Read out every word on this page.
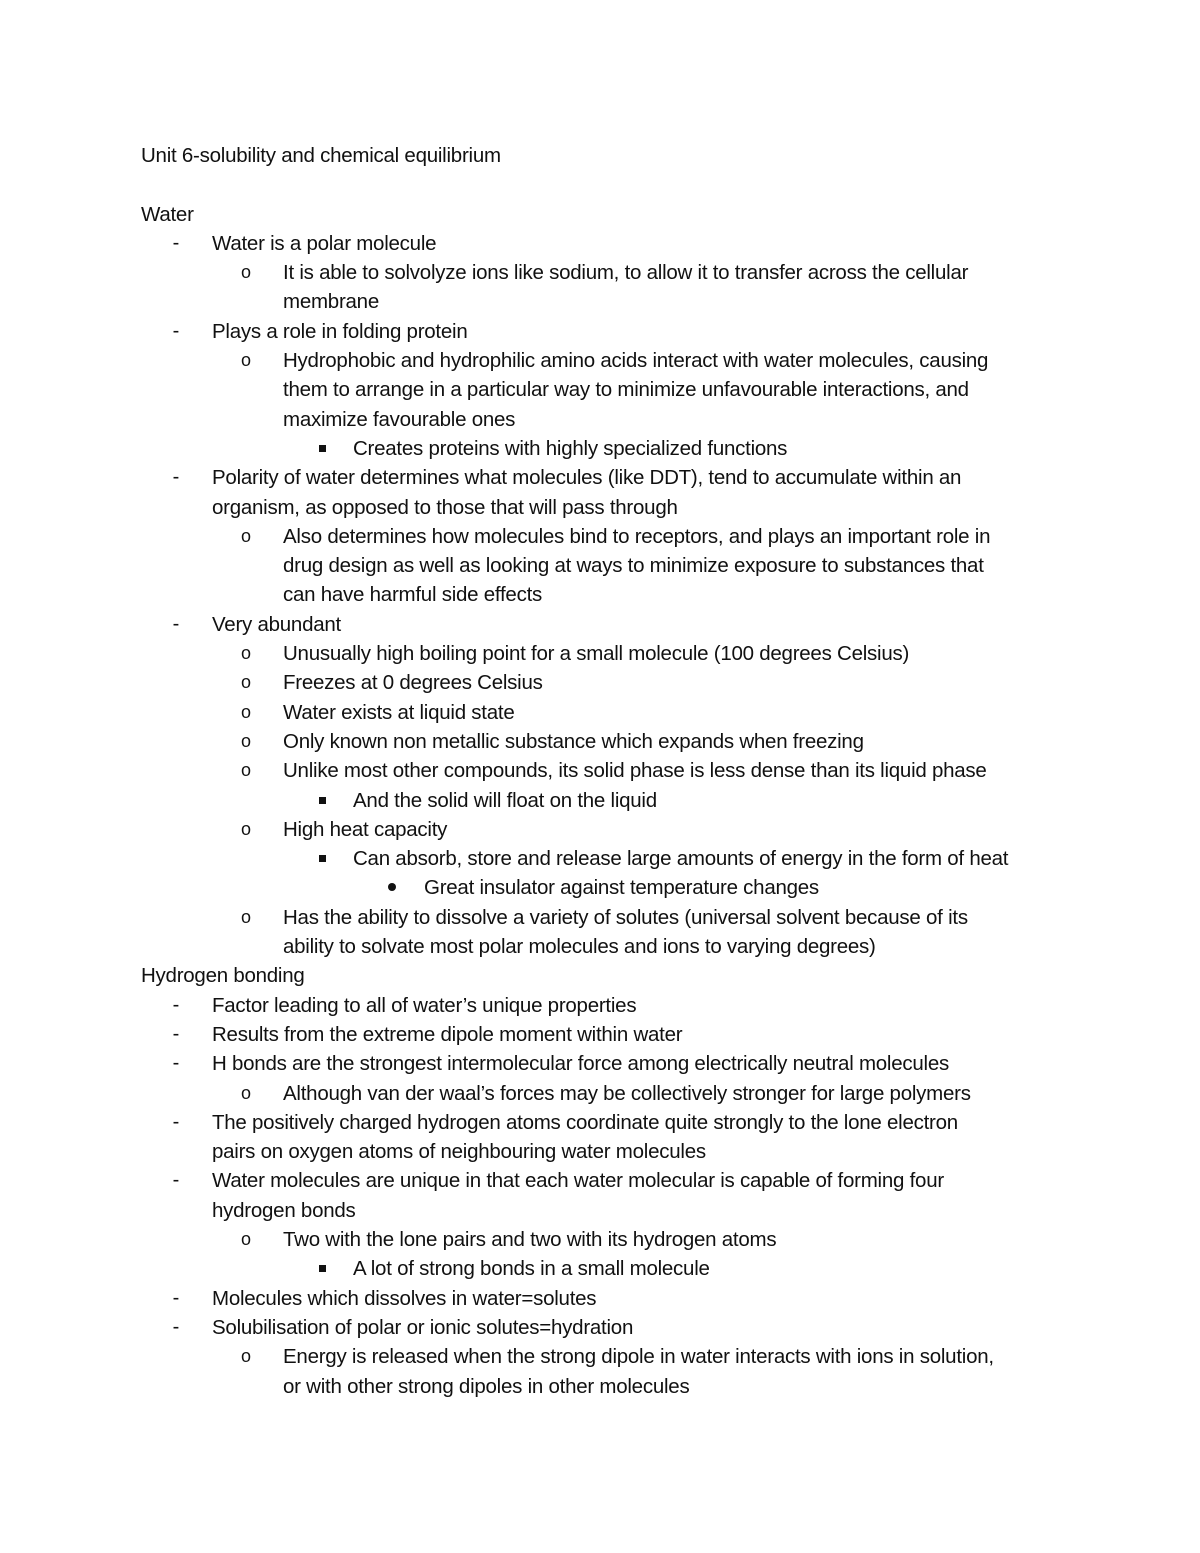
Unit 6-solubility and chemical equilibrium
Water
-	Water is a polar molecule
o It is able to solvolyze ions like sodium, to allow it to transfer across the cellular
membrane
-	Plays a role in folding protein
o Hydrophobic and hydrophilic amino acids interact with water molecules, causing
them to arrange in a particular way to minimize unfavourable interactions, and
maximize favourable ones
Creates proteins with highly specialized functions
-	Polarity of water determines what molecules (like DDT), tend to accumulate within an
organism, as opposed to those that will pass through
o Also determines how molecules bind to receptors, and plays an important role in
drug design as well as looking at ways to minimize exposure to substances that
can have harmful side effects
-	Very abundant
o Unusually high boiling point for a small molecule (100 degrees Celsius)
o Freezes at 0 degrees Celsius
o Water exists at liquid state
o Only known non metallic substance which expands when freezing
o Unlike most other compounds, its solid phase is less dense than its liquid phase
And the solid will float on the liquid
o High heat capacity
Can absorb, store and release large amounts of energy in the form of heat
Great insulator against temperature changes
o Has the ability to dissolve a variety of solutes (universal solvent because of its
ability to solvate most polar molecules and ions to varying degrees)
Hydrogen bonding
-	Factor leading to all of water’s unique properties
-	Results from the extreme dipole moment within water
-	H bonds are the strongest intermolecular force among electrically neutral molecules
o Although van der waal’s forces may be collectively stronger for large polymers
-	The positively charged hydrogen atoms coordinate quite strongly to the lone electron
pairs on oxygen atoms of neighbouring water molecules
-	Water molecules are unique in that each water molecular is capable of forming four
hydrogen bonds
o Two with the lone pairs and two with its hydrogen atoms
A lot of strong bonds in a small molecule
-	Molecules which dissolves in water=solutes
-	Solubilisation of polar or ionic solutes=hydration
o Energy is released when the strong dipole in water interacts with ions in solution,
or with other strong dipoles in other molecules
